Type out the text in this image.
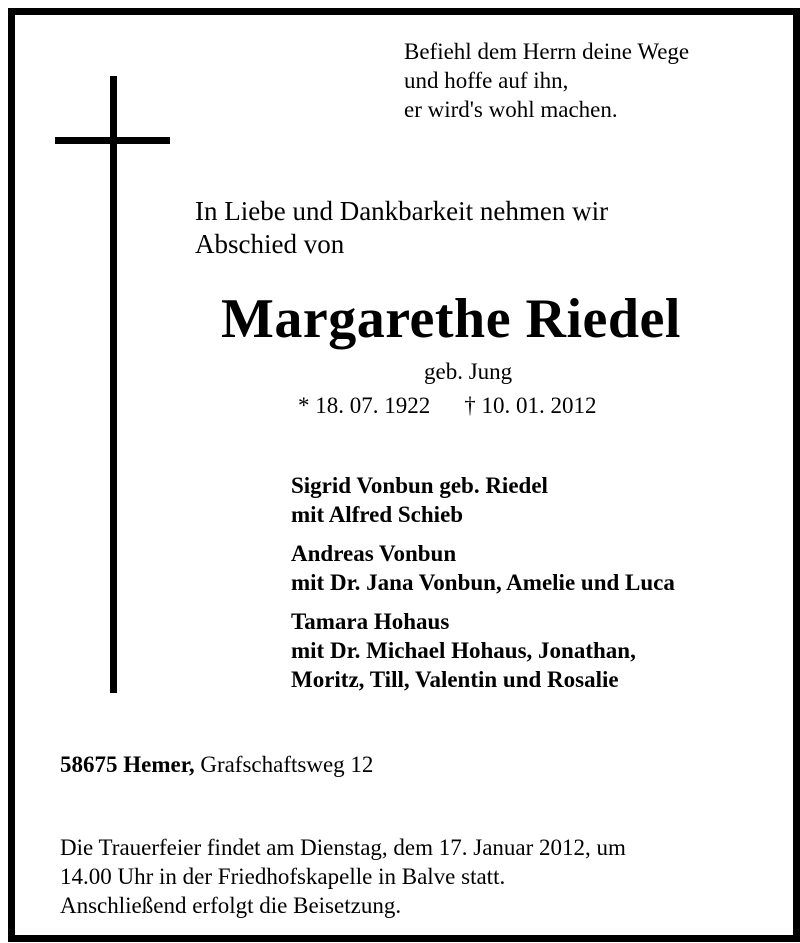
Befiehl dem Herrn deine Wege
und hoffe auf ihn,
er wird's wohl machen.
In Liebe und Dankbarkeit nehmen wir
Abschied von
Margarethe Riedel
geb. Jung
* 18. 07. 1922 † 10. 01. 2012
Sigrid Vonbun geb. Riedel
mit Alfred Schieb
Andreas Vonbun
mit Dr. Jana Vonbun, Amelie und Luca
Tamara Hohaus
mit Dr. Michael Hohaus, Jonathan,
Moritz, Till, Valentin und Rosalie
58675 Hemer, Grafschaftsweg 12
Die Trauerfeier findet am Dienstag, dem 17. Januar 2012, um
14.00 Uhr in der Friedhofskapelle in Balve statt.
Anschließend erfolgt die Beisetzung.
